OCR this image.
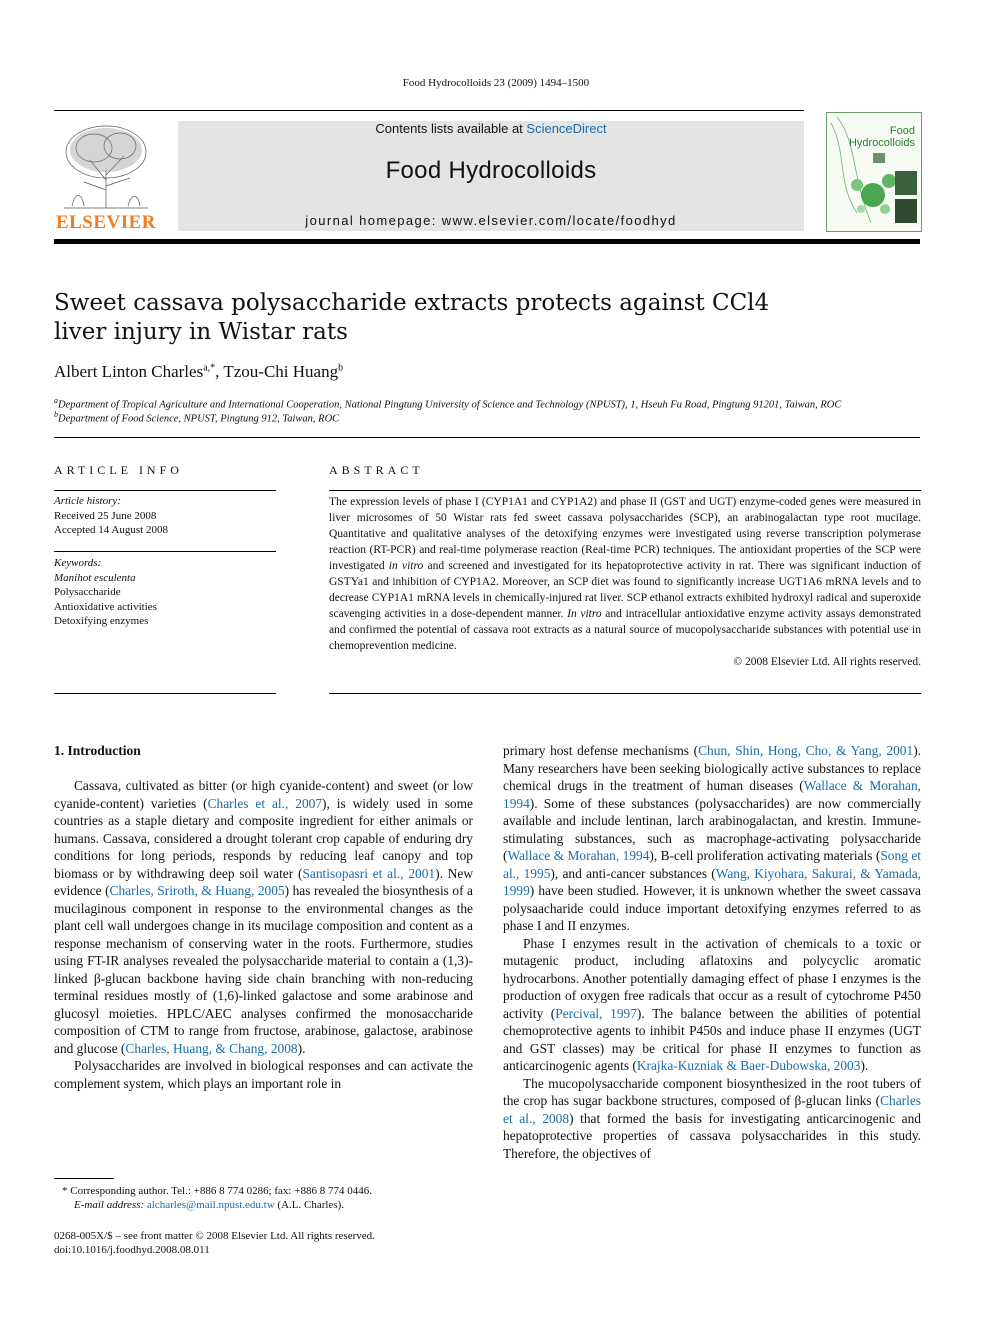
Food Hydrocolloids 23 (2009) 1494–1500
ELSEVIER
Contents lists available at ScienceDirect
Food Hydrocolloids
journal homepage: www.elsevier.com/locate/foodhyd
Food
Hydrocolloids
Sweet cassava polysaccharide extracts protects against CCl4
liver injury in Wistar rats
Albert Linton Charles$^{a,*}$, Tzou-Chi Huang$^b$
$^a$Department of Tropical Agriculture and International Cooperation, National Pingtung University of Science and Technology (NPUST), 1, Hseuh Fu Road, Pingtung 91201, Taiwan, ROC
$^b$Department of Food Science, NPUST, Pingtung 912, Taiwan, ROC
ARTICLE INFO
Article history:
Received 25 June 2008
Accepted 14 August 2008
Keywords:
Manihot esculenta
Polysaccharide
Antioxidative activities
Detoxifying enzymes
ABSTRACT
The expression levels of phase I (CYP1A1 and CYP1A2) and phase II (GST and UGT) enzyme-coded genes were measured in liver microsomes of 50 Wistar rats fed sweet cassava polysaccharides (SCP), an arabinogalactan type root mucilage. Quantitative and qualitative analyses of the detoxifying enzymes were investigated using reverse transcription polymerase reaction (RT-PCR) and real-time polymerase reaction (Real-time PCR) techniques. The antioxidant properties of the SCP were investigated in vitro and screened and investigated for its hepatoprotective activity in rat. There was significant induction of GSTYa1 and inhibition of CYP1A2. Moreover, an SCP diet was found to significantly increase UGT1A6 mRNA levels and to decrease CYP1A1 mRNA levels in chemically-injured rat liver. SCP ethanol extracts exhibited hydroxyl radical and superoxide scavenging activities in a dose-dependent manner. In vitro and intracellular antioxidative enzyme activity assays demonstrated and confirmed the potential of cassava root extracts as a natural source of mucopolysaccharide substances with potential use in chemoprevention medicine.
© 2008 Elsevier Ltd. All rights reserved.
1. Introduction

Cassava, cultivated as bitter (or high cyanide-content) and sweet (or low cyanide-content) varieties (Charles et al., 2007), is widely used in some countries as a staple dietary and composite ingredient for either animals or humans. Cassava, considered a drought tolerant crop capable of enduring dry conditions for long periods, responds by reducing leaf canopy and top biomass or by withdrawing deep soil water (Santisopasri et al., 2001). New evidence (Charles, Sriroth, & Huang, 2005) has revealed the biosynthesis of a mucilaginous component in response to the environmental changes as the plant cell wall undergoes change in its mucilage composition and content as a response mechanism of conserving water in the roots. Furthermore, studies using FT-IR analyses revealed the polysaccharide material to contain a (1,3)-linked β-glucan backbone having side chain branching with non-reducing terminal residues mostly of (1,6)-linked galactose and some arabinose and glucosyl moieties. HPLC/AEC analyses confirmed the monosaccharide composition of CTM to range from fructose, arabinose, galactose, arabinose and glucose (Charles, Huang, & Chang, 2008).

Polysaccharides are involved in biological responses and can activate the complement system, which plays an important role in

primary host defense mechanisms (Chun, Shin, Hong, Cho, & Yang, 2001). Many researchers have been seeking biologically active substances to replace chemical drugs in the treatment of human diseases (Wallace & Morahan, 1994). Some of these substances (polysaccharides) are now commercially available and include lentinan, larch arabinogalactan, and krestin. Immune-stimulating substances, such as macrophage-activating polysaccharide (Wallace & Morahan, 1994), B-cell proliferation activating materials (Song et al., 1995), and anti-cancer substances (Wang, Kiyohara, Sakurai, & Yamada, 1999) have been studied. However, it is unknown whether the sweet cassava polysaacharide could induce important detoxifying enzymes referred to as phase I and II enzymes.

Phase I enzymes result in the activation of chemicals to a toxic or mutagenic product, including aflatoxins and polycyclic aromatic hydrocarbons. Another potentially damaging effect of phase I enzymes is the production of oxygen free radicals that occur as a result of cytochrome P450 activity (Percival, 1997). The balance between the abilities of potential chemoprotective agents to inhibit P450s and induce phase II enzymes (UGT and GST classes) may be critical for phase II enzymes to function as anticarcinogenic agents (Krajka-Kuzniak & Baer-Dubowska, 2003).

The mucopolysaccharide component biosynthesized in the root tubers of the crop has sugar backbone structures, composed of β-glucan links (Charles et al., 2008) that formed the basis for investigating anticarcinogenic and hepatoprotective properties of cassava polysaccharides in this study. Therefore, the objectives of

* Corresponding author. Tel.: +886 8 774 0286; fax: +886 8 774 0446.
E-mail address: alcharles@mail.npust.edu.tw (A.L. Charles).
0268-005X/$ – see front matter © 2008 Elsevier Ltd. All rights reserved.
doi:10.1016/j.foodhyd.2008.08.011
